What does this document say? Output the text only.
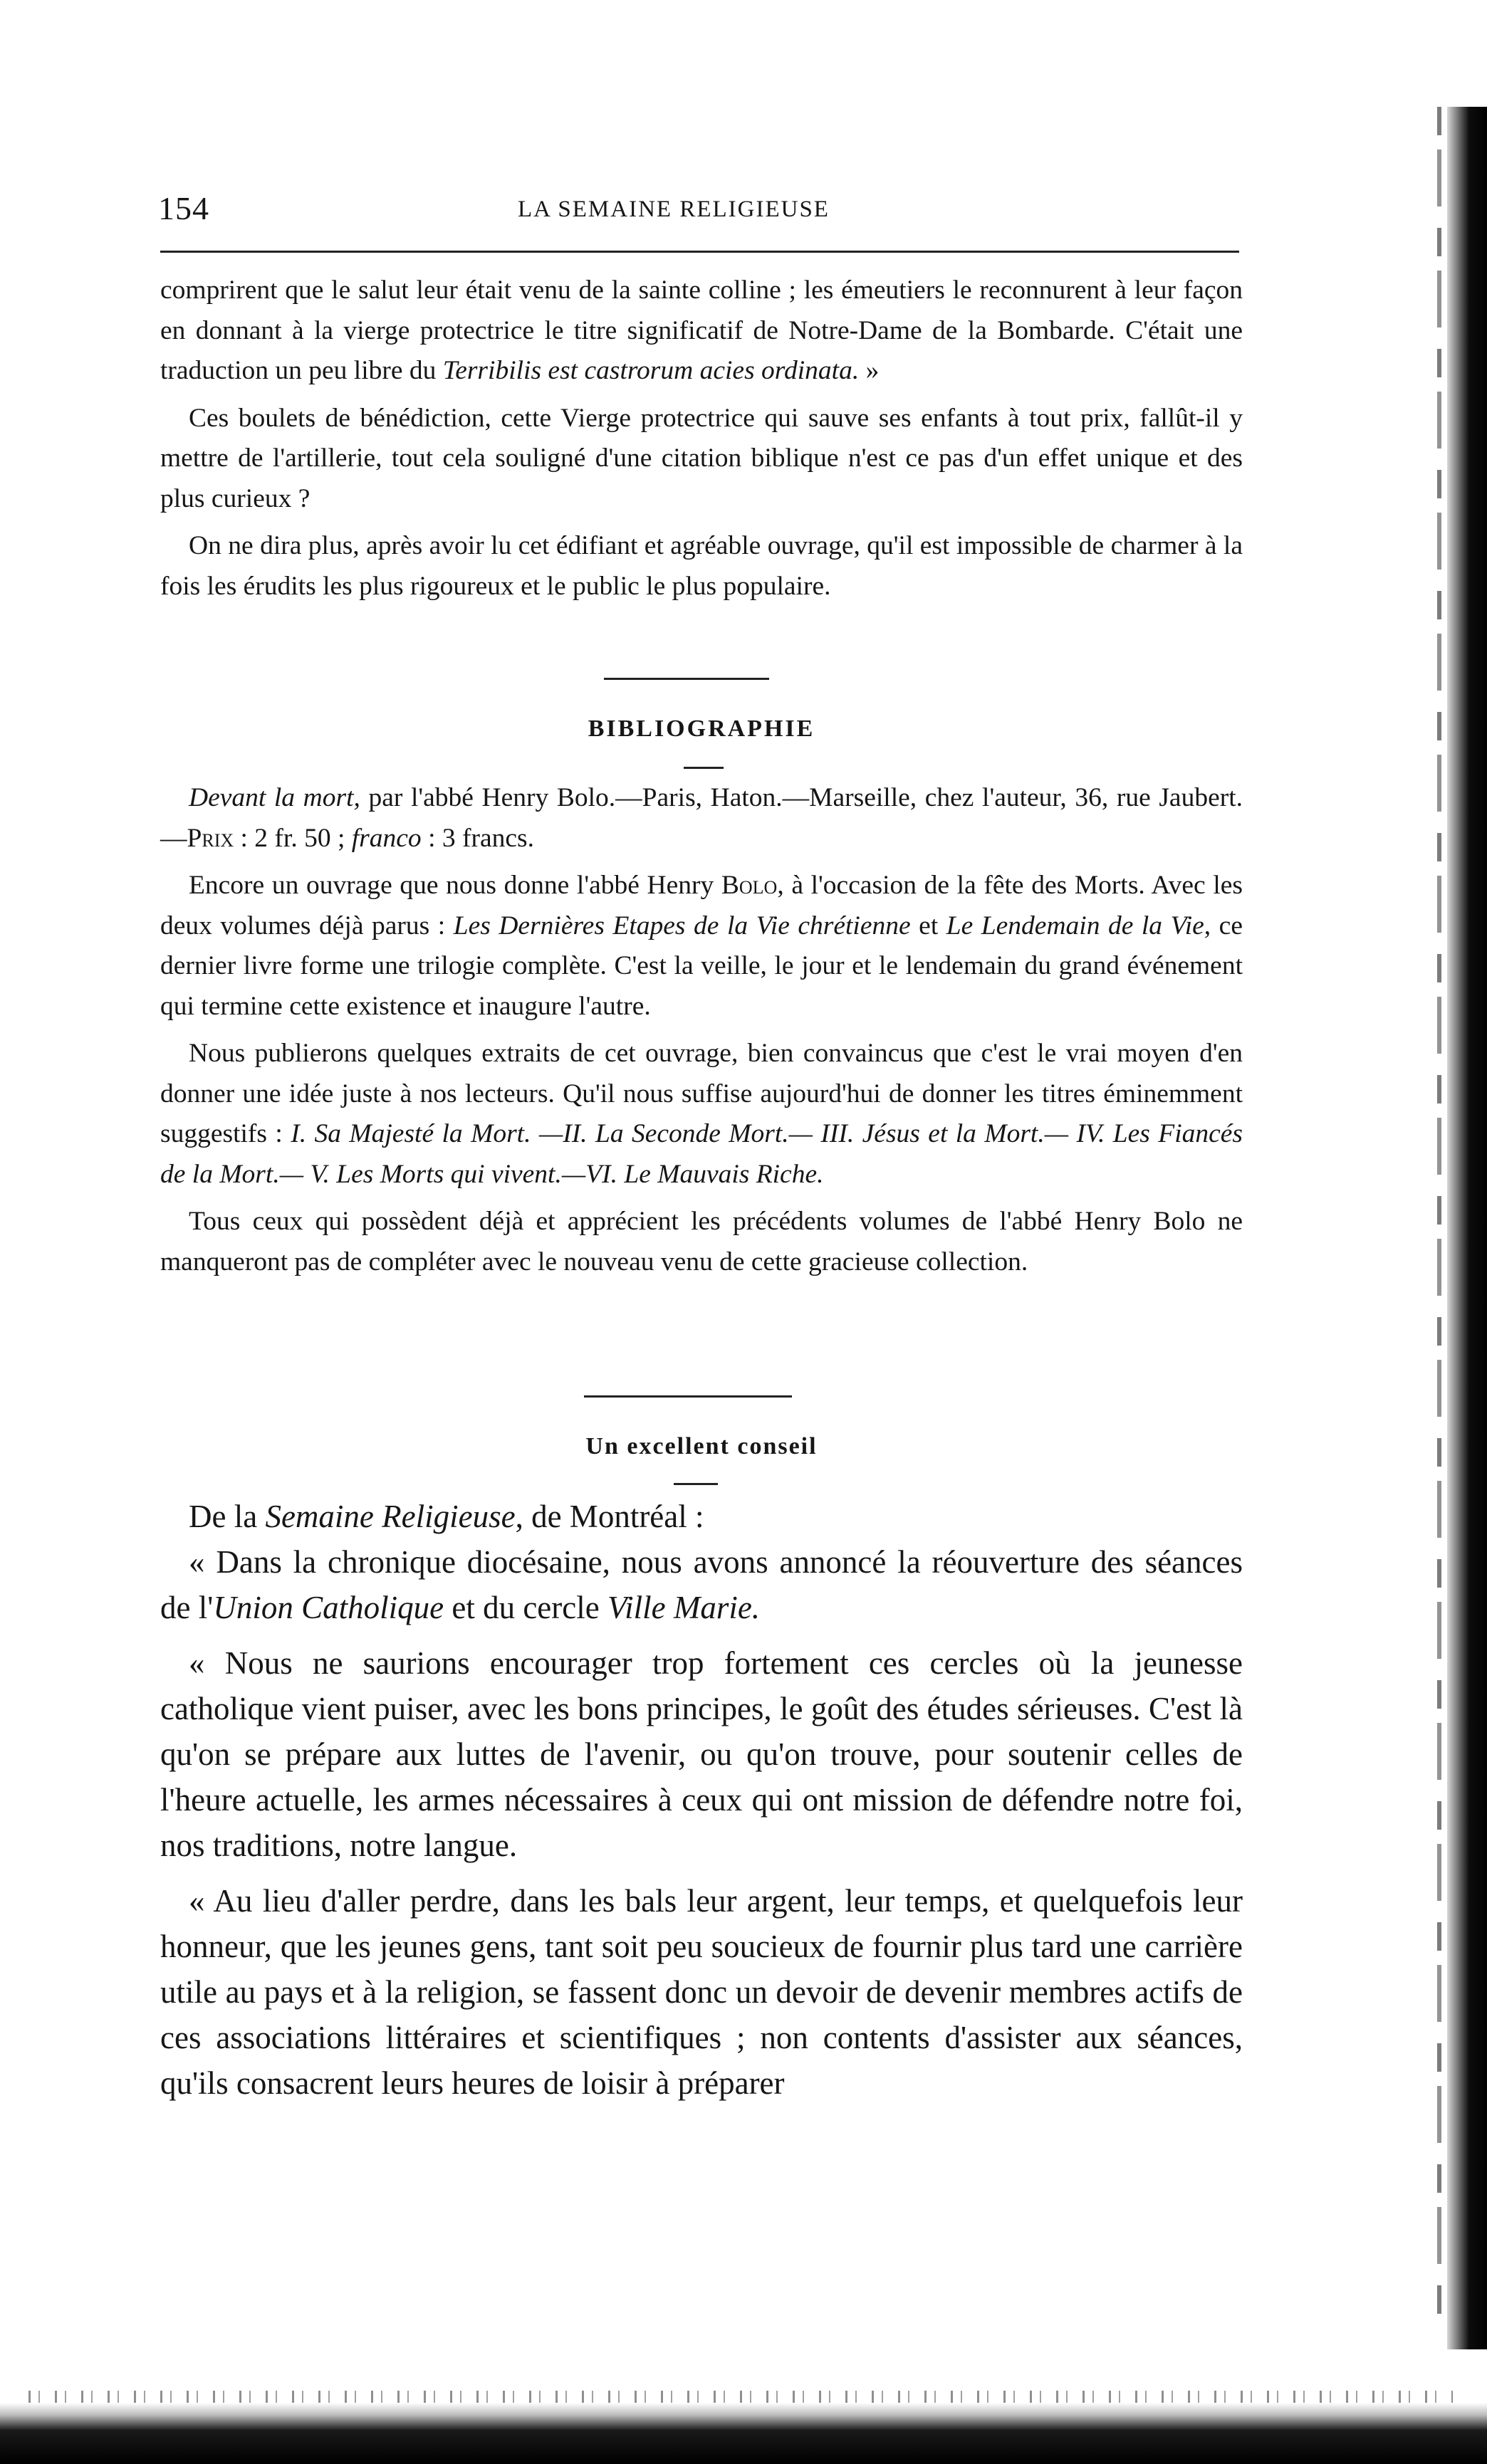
154	LA SEMAINE RELIGIEUSE

comprirent que le salut leur était venu de la sainte colline ; les émeutiers le reconnurent à leur façon en donnant à la vierge protectrice le titre significatif de Notre-Dame de la Bombarde. C'était une traduction un peu libre du Terribilis est castrorum acies ordinata. »

Ces boulets de bénédiction, cette Vierge protectrice qui sauve ses enfants à tout prix, fallût-il y mettre de l'artillerie, tout cela souligné d'une citation biblique n'est ce pas d'un effet unique et des plus curieux ?

On ne dira plus, après avoir lu cet édifiant et agréable ouvrage, qu'il est impossible de charmer à la fois les érudits les plus rigoureux et le public le plus populaire.

BIBLIOGRAPHIE

Devant la mort, par l'abbé Henry Bolo.—Paris, Haton.—Marseille, chez l'auteur, 36, rue Jaubert.—Prix : 2 fr. 50 ; franco : 3 francs.

Encore un ouvrage que nous donne l'abbé Henry Bolo, à l'occasion de la fête des Morts. Avec les deux volumes déjà parus : Les Dernières Etapes de la Vie chrétienne et Le Lendemain de la Vie, ce dernier livre forme une trilogie complète. C'est la veille, le jour et le lendemain du grand événement qui termine cette existence et inaugure l'autre.

Nous publierons quelques extraits de cet ouvrage, bien convaincus que c'est le vrai moyen d'en donner une idée juste à nos lecteurs. Qu'il nous suffise aujourd'hui de donner les titres éminemment suggestifs : I. Sa Majesté la Mort. —II. La Seconde Mort.— III. Jésus et la Mort.— IV. Les Fiancés de la Mort.— V. Les Morts qui vivent.—VI. Le Mauvais Riche.

Tous ceux qui possèdent déjà et apprécient les précédents volumes de l'abbé Henry Bolo ne manqueront pas de compléter avec le nouveau venu de cette gracieuse collection.

Un excellent conseil

De la Semaine Religieuse, de Montréal :

« Dans la chronique diocésaine, nous avons annoncé la réouverture des séances de l'Union Catholique et du cercle Ville Marie.

« Nous ne saurions encourager trop fortement ces cercles où la jeunesse catholique vient puiser, avec les bons principes, le goût des études sérieuses. C'est là qu'on se prépare aux luttes de l'avenir, ou qu'on trouve, pour soutenir celles de l'heure actuelle, les armes nécessaires à ceux qui ont mission de défendre notre foi, nos traditions, notre langue.

« Au lieu d'aller perdre, dans les bals leur argent, leur temps, et quelquefois leur honneur, que les jeunes gens, tant soit peu soucieux de fournir plus tard une carrière utile au pays et à la religion, se fassent donc un devoir de devenir membres actifs de ces associations littéraires et scientifiques ; non contents d'assister aux séances, qu'ils consacrent leurs heures de loisir à préparer
